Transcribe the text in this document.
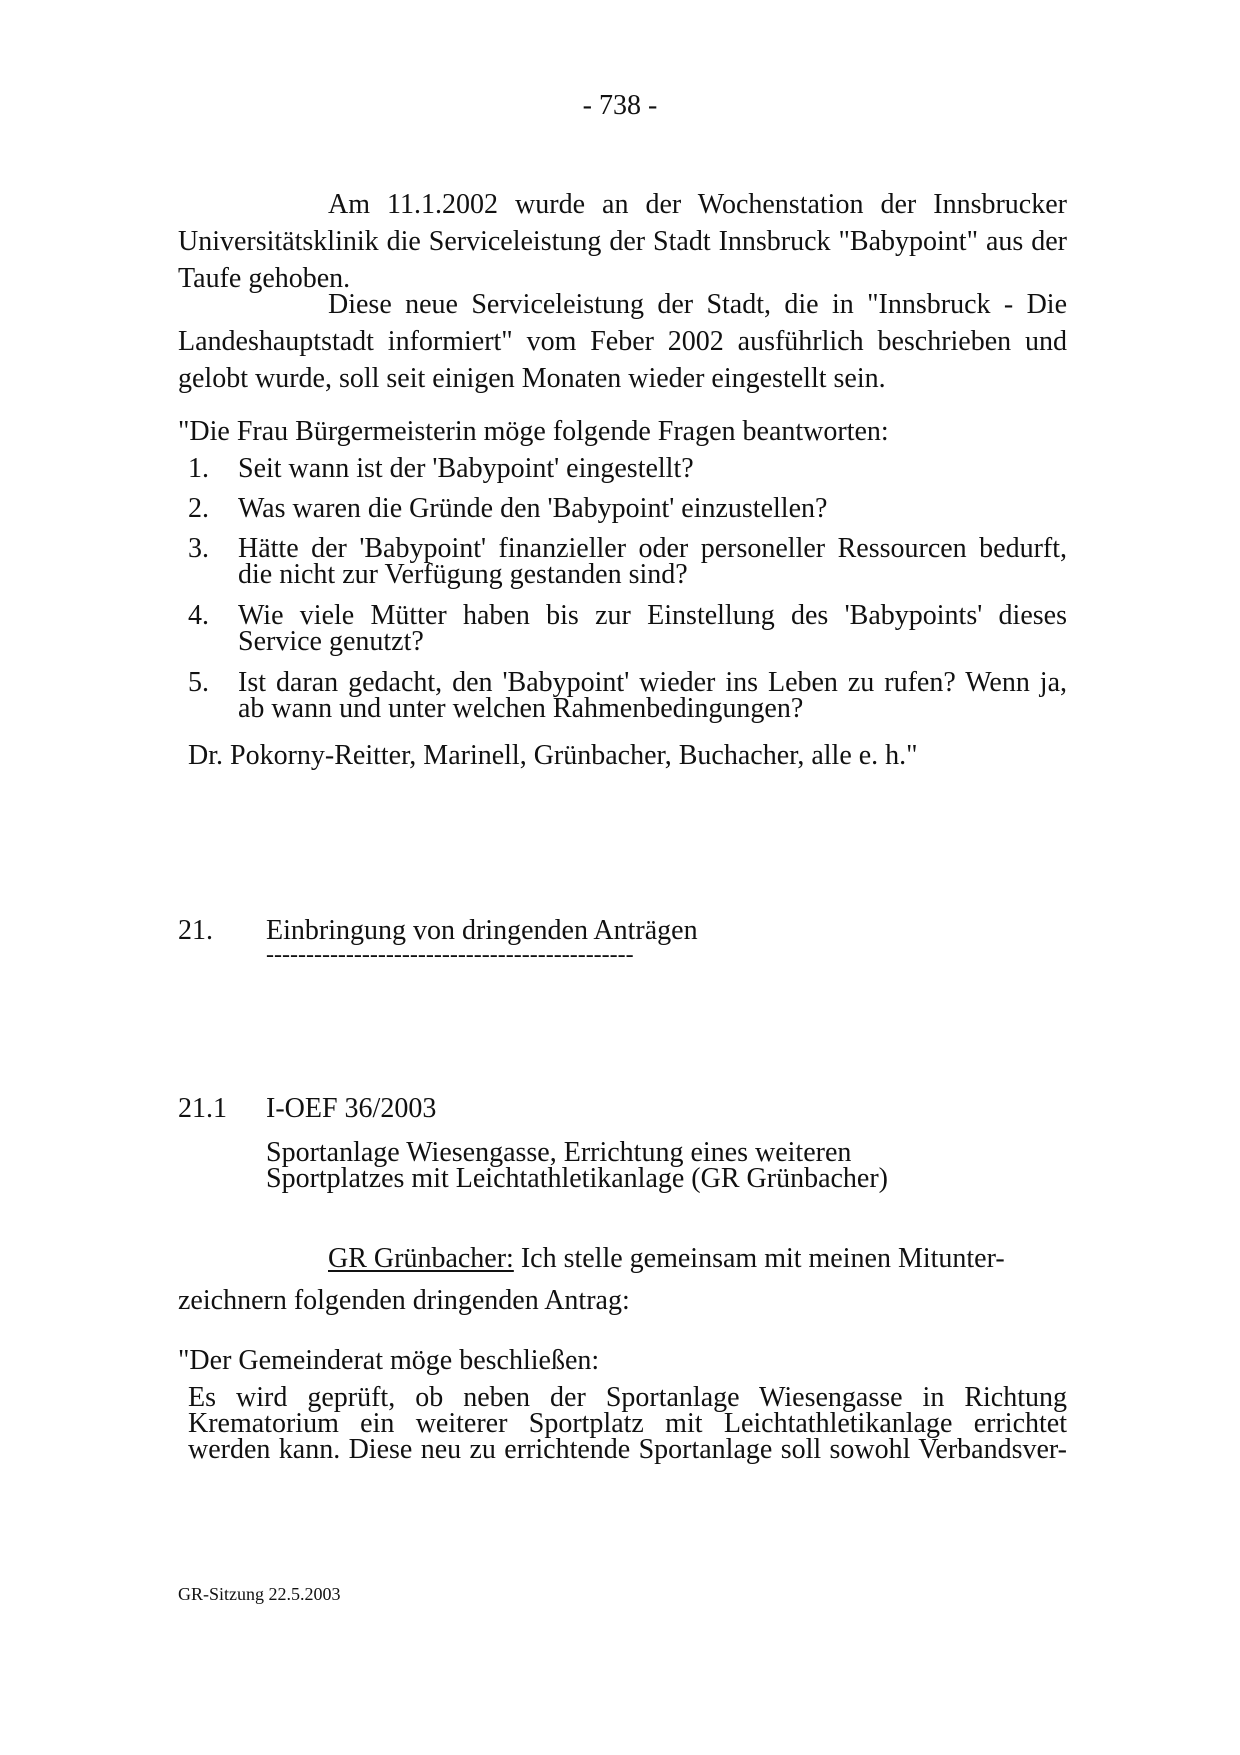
- 738 -
Am 11.1.2002 wurde an der Wochenstation der Innsbrucker Universitätsklinik die Serviceleistung der Stadt Innsbruck "Babypoint" aus der Taufe gehoben.
Diese neue Serviceleistung der Stadt, die in "Innsbruck - Die Landeshauptstadt informiert" vom Feber 2002 ausführlich beschrieben und gelobt wurde, soll seit einigen Monaten wieder eingestellt sein.
"Die Frau Bürgermeisterin möge folgende Fragen beantworten:
1. Seit wann ist der 'Babypoint' eingestellt?
2. Was waren die Gründe den 'Babypoint' einzustellen?
3. Hätte der 'Babypoint' finanzieller oder personeller Ressourcen bedurft, die nicht zur Verfügung gestanden sind?
4. Wie viele Mütter haben bis zur Einstellung des 'Babypoints' dieses Service genutzt?
5. Ist daran gedacht, den 'Babypoint' wieder ins Leben zu rufen? Wenn ja, ab wann und unter welchen Rahmenbedingungen?
Dr. Pokorny-Reitter, Marinell, Grünbacher, Buchacher, alle e. h."
21. Einbringung von dringenden Anträgen
----------------------------------------------
21.1 I-OEF 36/2003
Sportanlage Wiesengasse, Errichtung eines weiteren
Sportplatzes mit Leichtathletikanlage (GR Grünbacher)
GR Grünbacher: Ich stelle gemeinsam mit meinen Mitunter-
zeichnern folgenden dringenden Antrag:
"Der Gemeinderat möge beschließen:
Es wird geprüft, ob neben der Sportanlage Wiesengasse in Richtung Krematorium ein weiterer Sportplatz mit Leichtathletikanlage errichtet werden kann. Diese neu zu errichtende Sportanlage soll sowohl Verbandsver-
GR-Sitzung 22.5.2003
